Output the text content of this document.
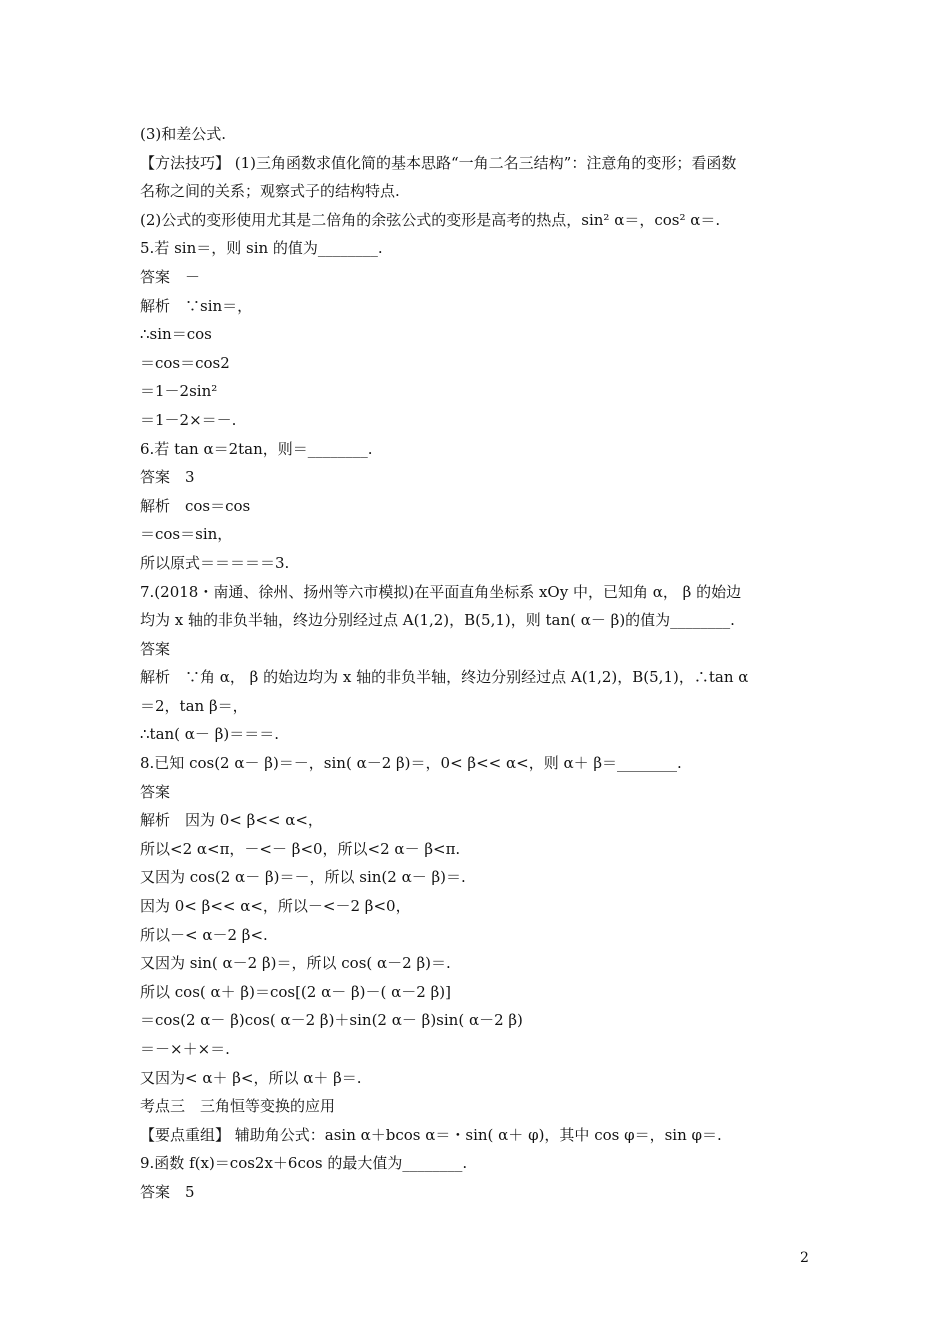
(3)和差公式.
【方法技巧】 (1)三角函数求值化简的基本思路“一角二名三结构”：注意角的变形；看函数
名称之间的关系；观察式子的结构特点.
(2)公式的变形使用尤其是二倍角的余弦公式的变形是高考的热点，sin² α＝，cos² α＝.
5.若 sin＝，则 sin 的值为________.
答案　－
解析　∵sin＝，
∴sin＝cos
＝cos＝cos2
＝1－2sin²
＝1－2×＝－.
6.若 tan α＝2tan，则＝________.
答案　3
解析　cos＝cos
＝cos＝sin，
所以原式＝＝＝＝＝3.
7.(2018・南通、徐州、扬州等六市模拟)在平面直角坐标系 xOy 中，已知角 α， β 的始边
均为 x 轴的非负半轴，终边分别经过点 A(1,2)，B(5,1)，则 tan( α－ β)的值为________.
答案
解析　∵角 α， β 的始边均为 x 轴的非负半轴，终边分别经过点 A(1,2)，B(5,1)，∴tan α
＝2，tan β＝，
∴tan( α－ β)＝＝＝.
8.已知 cos(2 α－ β)＝－，sin( α－2 β)＝，0< β<< α<，则 α＋ β＝________.
答案
解析　因为 0< β<< α<，
所以<2 α<π，－<－ β<0，所以<2 α－ β<π.
又因为 cos(2 α－ β)＝－，所以 sin(2 α－ β)＝.
因为 0< β<< α<，所以－<－2 β<0，
所以－< α－2 β<.
又因为 sin( α－2 β)＝，所以 cos( α－2 β)＝.
所以 cos( α＋ β)＝cos[(2 α－ β)－( α－2 β)]
＝cos(2 α－ β)cos( α－2 β)＋sin(2 α－ β)sin( α－2 β)
＝－×＋×＝.
又因为< α＋ β<，所以 α＋ β＝.
考点三　三角恒等变换的应用
【要点重组】 辅助角公式：asin α＋bcos α＝・sin( α＋ φ)，其中 cos φ＝，sin φ＝.
9.函数 f(x)＝cos2x＋6cos 的最大值为________.
答案　5
2
